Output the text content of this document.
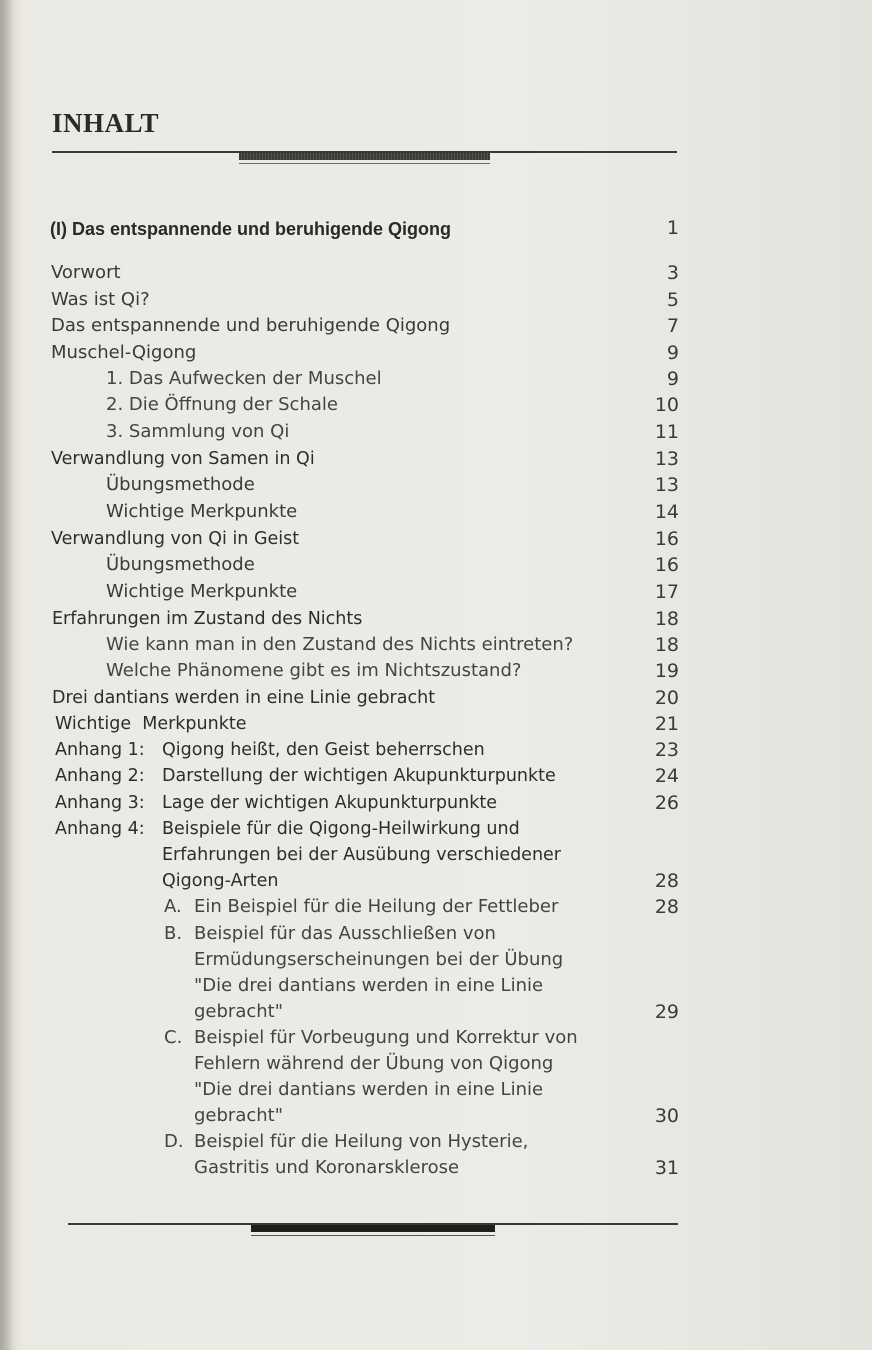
INHALT
(I) Das entspannende und beruhigende Qigong	1
Vorwort	3
Was ist Qi?	5
Das entspannende und beruhigende Qigong	7
Muschel-Qigong	9
1. Das Aufwecken der Muschel	9
2. Die Öffnung der Schale	10
3. Sammlung von Qi	11
Verwandlung von Samen in Qi	13
Übungsmethode	13
Wichtige Merkpunkte	14
Verwandlung von Qi in Geist	16
Übungsmethode	16
Wichtige Merkpunkte	17
Erfahrungen im Zustand des Nichts	18
Wie kann man in den Zustand des Nichts eintreten?	18
Welche Phänomene gibt es im Nichtszustand?	19
Drei dantians werden in eine Linie gebracht	20
Wichtige  Merkpunkte	21
Anhang 1: Qigong heißt, den Geist beherrschen	23
Anhang 2: Darstellung der wichtigen Akupunkturpunkte	24
Anhang 3: Lage der wichtigen Akupunkturpunkte	26
Anhang 4: Beispiele für die Qigong-Heilwirkung und
Erfahrungen bei der Ausübung verschiedener
Qigong-Arten	28
A. Ein Beispiel für die Heilung der Fettleber	28
B. Beispiel für das Ausschließen von
Ermüdungserscheinungen bei der Übung
"Die drei dantians werden in eine Linie
gebracht"	29
C. Beispiel für Vorbeugung und Korrektur von
Fehlern während der Übung von Qigong
"Die drei dantians werden in eine Linie
gebracht"	30
D. Beispiel für die Heilung von Hysterie,
Gastritis und Koronarsklerose	31
